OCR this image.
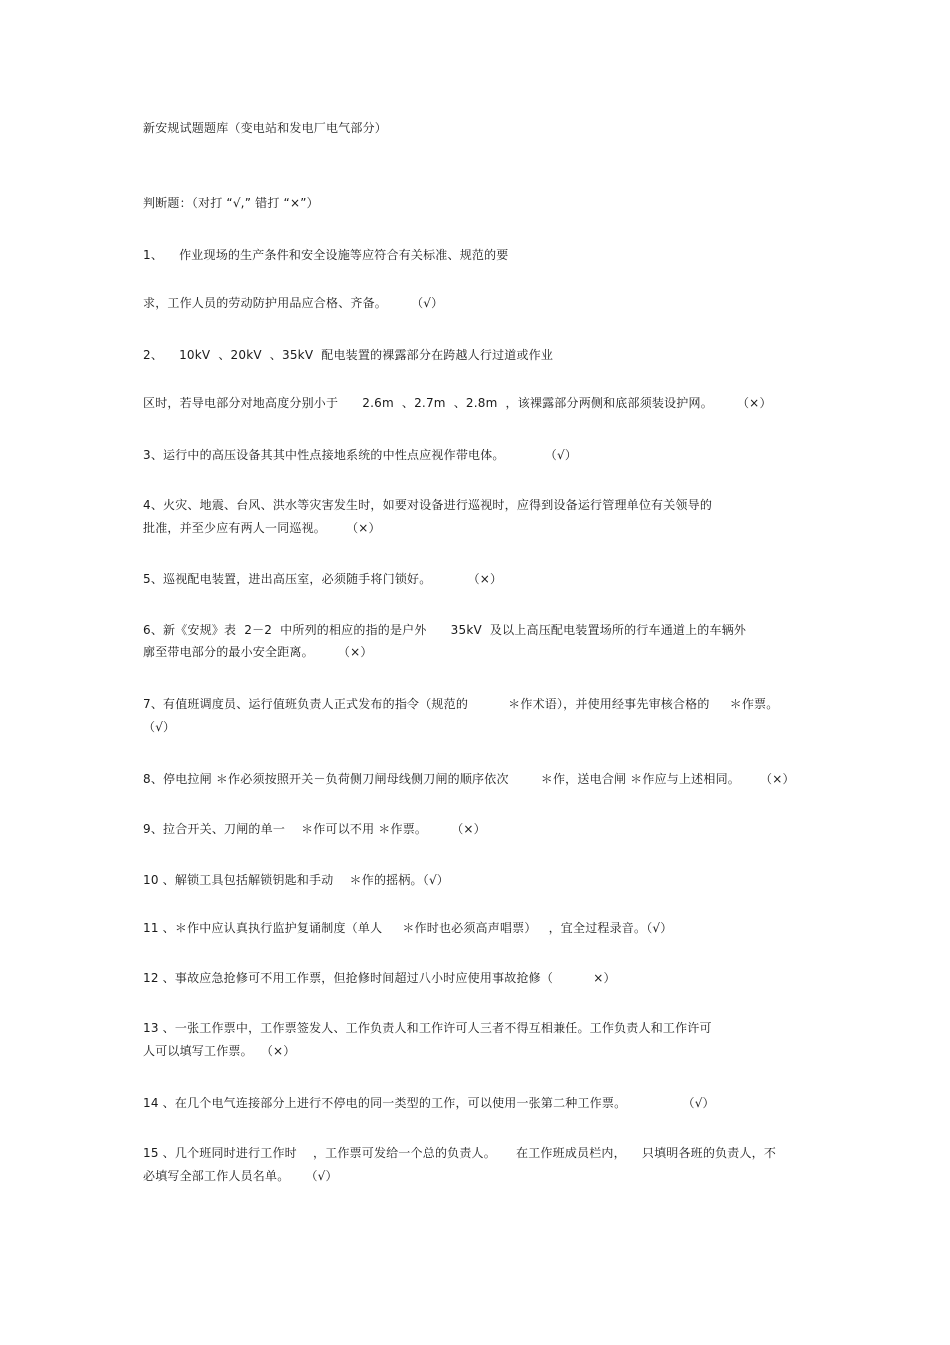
新安规试题题库（变电站和发电厂电气部分）
判断题：（对打 “√,” 错打 “×”）
1、    作业现场的生产条件和安全设施等应符合有关标准、规范的要
求，工作人员的劳动防护用品应合格、齐备。      （√）
2、    10kV  、20kV  、35kV  配电装置的裸露部分在跨越人行过道或作业
区时，若导电部分对地高度分别小于      2.6m  、2.7m  、2.8m  ，该裸露部分两侧和底部须装设护网。      （×）
3、运行中的高压设备其其中性点接地系统的中性点应视作带电体。          （√）
4、火灾、地震、台风、洪水等灾害发生时，如要对设备进行巡视时，应得到设备运行管理单位有关领导的
批准，并至少应有两人一同巡视。     （×）
5、巡视配电装置，进出高压室，必须随手将门锁好。         （×）
6、新《安规》表  2－2  中所列的相应的指的是户外      35kV  及以上高压配电装置场所的行车通道上的车辆外
廓至带电部分的最小安全距离。      （×）
7、有值班调度员、运行值班负责人正式发布的指令（规范的          ＊作术语），并使用经事先审核合格的     ＊作票。
（√）
8、停电拉闸 ＊作必须按照开关－负荷侧刀闸母线侧刀闸的顺序依次        ＊作，送电合闸 ＊作应与上述相同。     （×）
9、拉合开关、刀闸的单一    ＊作可以不用 ＊作票。      （×）
10 、解锁工具包括解锁钥匙和手动    ＊作的摇柄。（√）
11 、＊作中应认真执行监护复诵制度（单人     ＊作时也必须高声唱票）   ，宜全过程录音。（√）
12 、事故应急抢修可不用工作票，但抢修时间超过八小时应使用事故抢修（          ×）
13 、一张工作票中，工作票签发人、工作负责人和工作许可人三者不得互相兼任。工作负责人和工作许可
人可以填写工作票。  （×）
14 、在几个电气连接部分上进行不停电的同一类型的工作，可以使用一张第二种工作票。              （√）
15 、几个班同时进行工作时    ，工作票可发给一个总的负责人。     在工作班成员栏内，    只填明各班的负责人，不
必填写全部工作人员名单。    （√）
